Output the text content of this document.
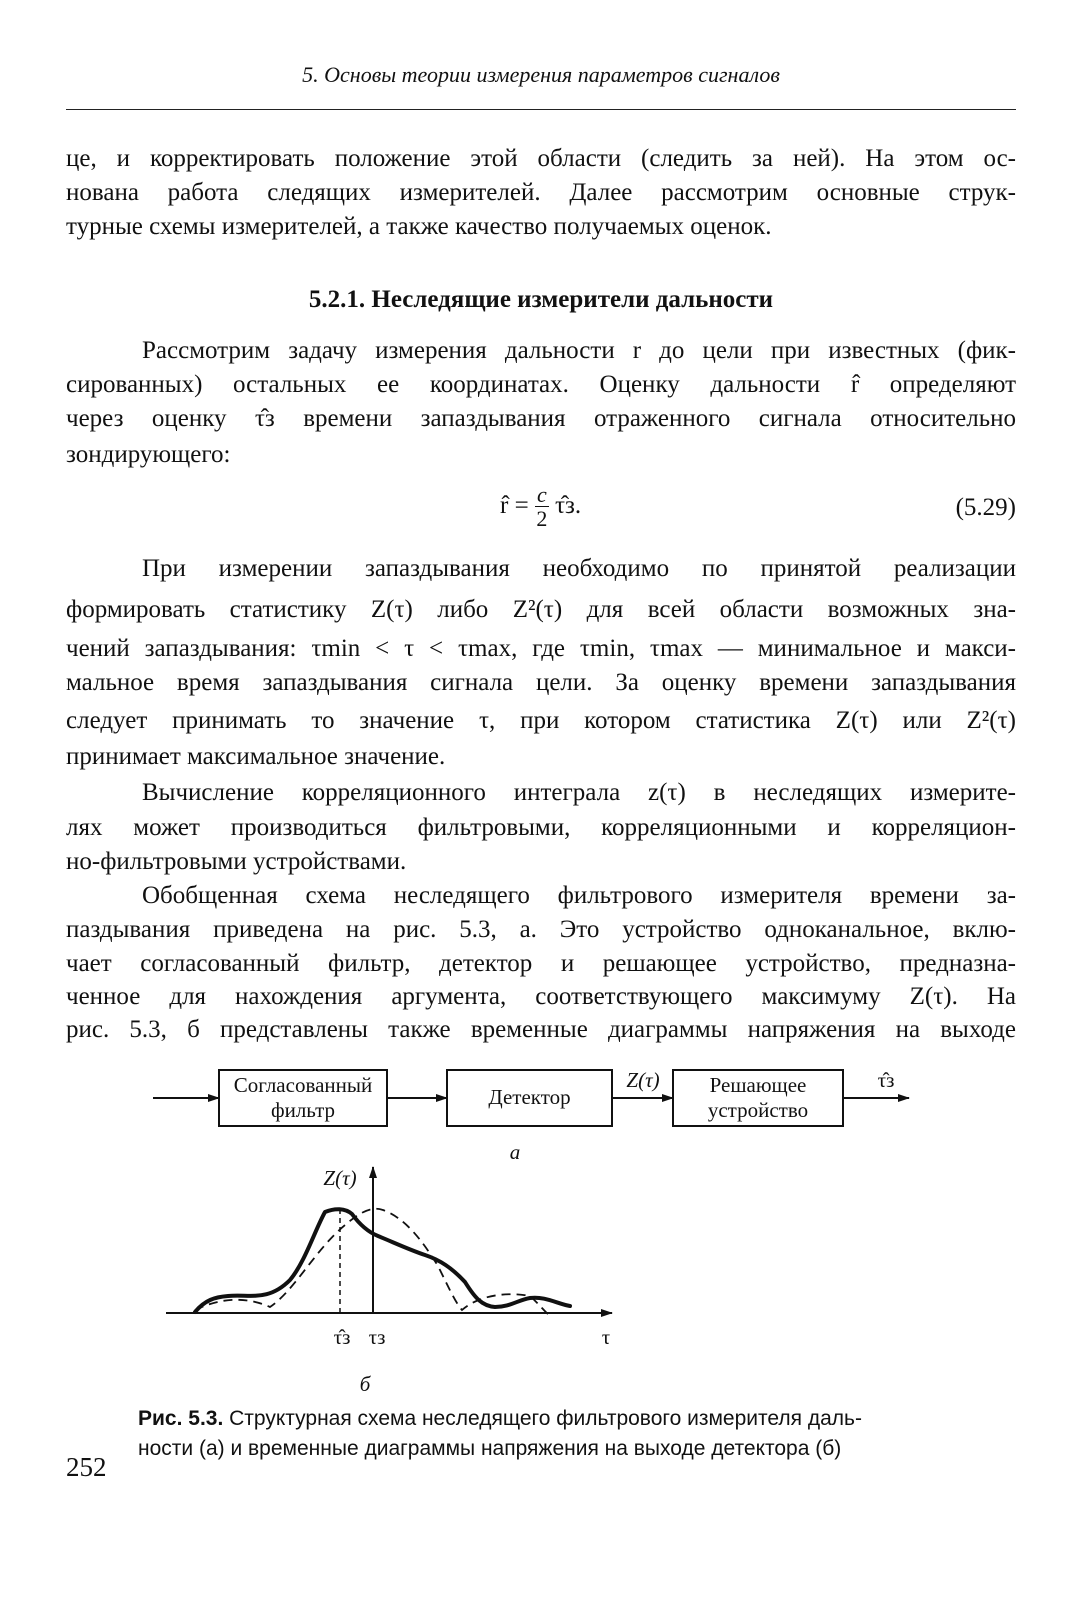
5. Основы теории измерения параметров сигналов
це, и корректировать положение этой области (следить за ней). На этом ос-
нована работа следящих измерителей. Далее рассмотрим основные струк-
турные схемы измерителей, а также качество получаемых оценок.
5.2.1. Неследящие измерители дальности
Рассмотрим задачу измерения дальности r до цели при известных (фик-
сированных) остальных ее координатах. Оценку дальности r̂ определяют
через оценку τ̂з времени запаздывания отраженного сигнала относительно
зондирующего:
r̂ = $\frac{c}{2}$ τ̂з.	(5.29)
При измерении запаздывания необходимо по принятой реализации
формировать статистику Z(τ) либо Z²(τ) для всей области возможных зна-
чений запаздывания: τmin < τ < τmax, где τmin, τmax — минимальное и макси-
мальное время запаздывания сигнала цели. За оценку времени запаздывания
следует принимать то значение τ, при котором статистика Z(τ) или Z²(τ)
принимает максимальное значение.
Вычисление корреляционного интеграла z(τ) в неследящих измерите-
лях может производиться фильтровыми, корреляционными и корреляцион-
но-фильтровыми устройствами.
Обобщенная схема неследящего фильтрового измерителя времени за-
паздывания приведена на рис. 5.3, а. Это устройство одноканальное, вклю-
чает согласованный фильтр, детектор и решающее устройство, предназна-
ченное для нахождения аргумента, соответствующего максимуму Z(τ). На
рис. 5.3, б представлены также временные диаграммы напряжения на выходе
Согласованный
фильтр
Детектор	Решающее
устройство
Z(τ)	τ̂з
а
Z(τ)
τ
τ̂з τз
б
Рис. 5.3. Структурная схема неследящего фильтрового измерителя даль-
ности (а) и временные диаграммы напряжения на выходе детектора (б)
252
